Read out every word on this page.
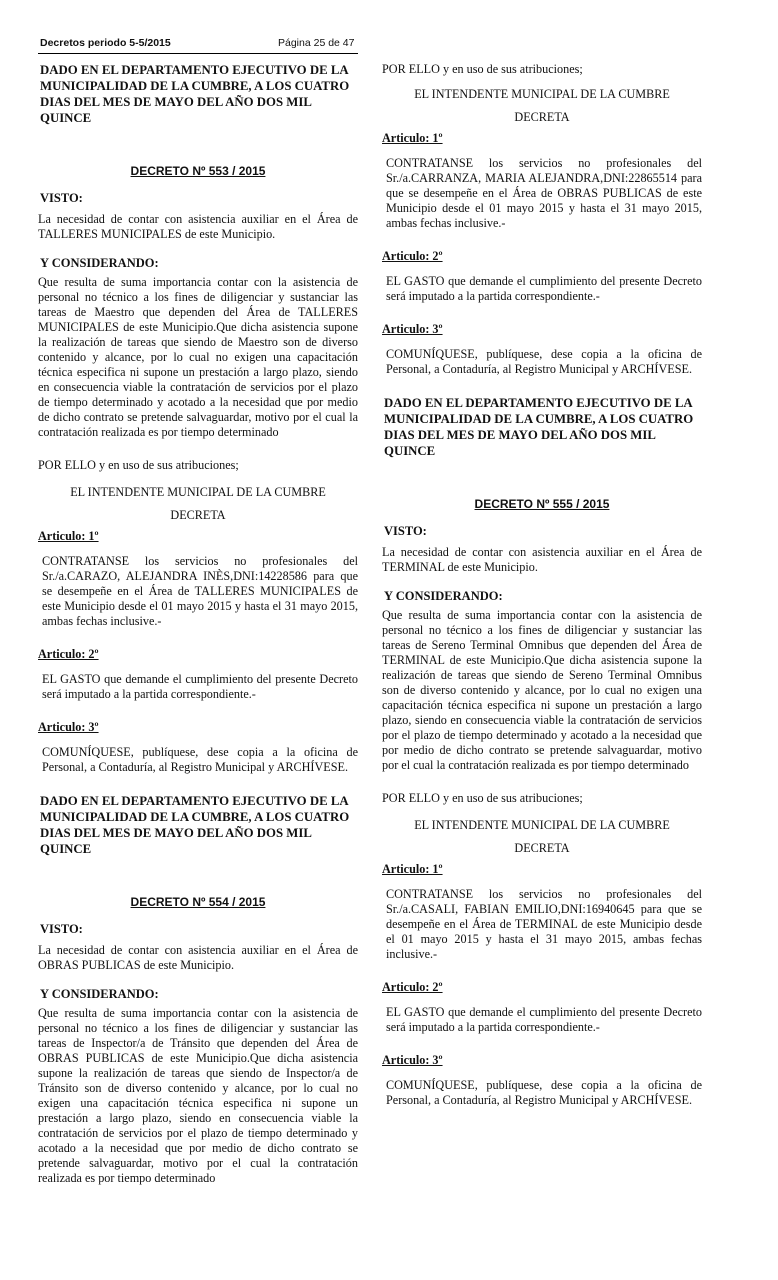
Decretos periodo 5-5/2015	Página 25 de 47

DADO EN EL DEPARTAMENTO EJECUTIVO DE LA MUNICIPALIDAD DE LA CUMBRE, A LOS CUATRO DIAS DEL MES DE MAYO DEL AÑO DOS MIL QUINCE

DECRETO Nº 553 / 2015

VISTO:

La necesidad de contar con asistencia auxiliar en el Área de TALLERES MUNICIPALES de este Municipio.

Y CONSIDERANDO:

Que resulta de suma importancia contar con la asistencia de personal no técnico a los fines de diligenciar y sustanciar las tareas de Maestro que dependen del Área de TALLERES MUNICIPALES de este Municipio.Que dicha asistencia supone la realización de tareas que siendo de Maestro son de diverso contenido y alcance, por lo cual no exigen una capacitación técnica especifica ni supone un prestación a largo plazo, siendo en consecuencia viable la contratación de servicios por el plazo de tiempo determinado y acotado a la necesidad que por medio de dicho contrato se pretende salvaguardar, motivo por el cual la contratación realizada es por tiempo determinado

POR ELLO y en uso de sus atribuciones;

EL INTENDENTE MUNICIPAL DE LA CUMBRE

DECRETA

Articulo: 1º

CONTRATANSE los servicios no profesionales del Sr./a.CARAZO, ALEJANDRA INÈS,DNI:14228586 para que se desempeñe en el Área de TALLERES MUNICIPALES de este Municipio desde el 01 mayo 2015 y hasta el 31 mayo 2015, ambas fechas inclusive.-

Articulo: 2º

EL GASTO que demande el cumplimiento del presente Decreto será imputado a la partida correspondiente.-

Articulo: 3º

COMUNÍQUESE, publíquese, dese copia a la oficina de Personal, a Contaduría, al Registro Municipal y ARCHÍVESE.

DADO EN EL DEPARTAMENTO EJECUTIVO DE LA MUNICIPALIDAD DE LA CUMBRE, A LOS CUATRO DIAS DEL MES DE MAYO DEL AÑO DOS MIL QUINCE

DECRETO Nº 554 / 2015

VISTO:

La necesidad de contar con asistencia auxiliar en el Área de OBRAS PUBLICAS de este Municipio.

Y CONSIDERANDO:

Que resulta de suma importancia contar con la asistencia de personal no técnico a los fines de diligenciar y sustanciar las tareas de Inspector/a de Tránsito que dependen del Área de OBRAS PUBLICAS de este Municipio.Que dicha asistencia supone la realización de tareas que siendo de Inspector/a de Tránsito son de diverso contenido y alcance, por lo cual no exigen una capacitación técnica especifica ni supone un prestación a largo plazo, siendo en consecuencia viable la contratación de servicios por el plazo de tiempo determinado y acotado a la necesidad que por medio de dicho contrato se pretende salvaguardar, motivo por el cual la contratación realizada es por tiempo determinado

POR ELLO y en uso de sus atribuciones;

EL INTENDENTE MUNICIPAL DE LA CUMBRE

DECRETA

Articulo: 1º

CONTRATANSE los servicios no profesionales del Sr./a.CARRANZA, MARIA ALEJANDRA,DNI:22865514 para que se desempeñe en el Área de OBRAS PUBLICAS de este Municipio desde el 01 mayo 2015 y hasta el 31 mayo 2015, ambas fechas inclusive.-

Articulo: 2º

EL GASTO que demande el cumplimiento del presente Decreto será imputado a la partida correspondiente.-

Articulo: 3º

COMUNÍQUESE, publíquese, dese copia a la oficina de Personal, a Contaduría, al Registro Municipal y ARCHÍVESE.

DADO EN EL DEPARTAMENTO EJECUTIVO DE LA MUNICIPALIDAD DE LA CUMBRE, A LOS CUATRO DIAS DEL MES DE MAYO DEL AÑO DOS MIL QUINCE

DECRETO Nº 555 / 2015

VISTO:

La necesidad de contar con asistencia auxiliar en el Área de TERMINAL de este Municipio.

Y CONSIDERANDO:

Que resulta de suma importancia contar con la asistencia de personal no técnico a los fines de diligenciar y sustanciar las tareas de Sereno Terminal Omnibus que dependen del Área de TERMINAL de este Municipio.Que dicha asistencia supone la realización de tareas que siendo de Sereno Terminal Omnibus son de diverso contenido y alcance, por lo cual no exigen una capacitación técnica especifica ni supone un prestación a largo plazo, siendo en consecuencia viable la contratación de servicios por el plazo de tiempo determinado y acotado a la necesidad que por medio de dicho contrato se pretende salvaguardar, motivo por el cual la contratación realizada es por tiempo determinado

POR ELLO y en uso de sus atribuciones;

EL INTENDENTE MUNICIPAL DE LA CUMBRE

DECRETA

Articulo: 1º

CONTRATANSE los servicios no profesionales del Sr./a.CASALI, FABIAN EMILIO,DNI:16940645 para que se desempeñe en el Área de TERMINAL de este Municipio desde el 01 mayo 2015 y hasta el 31 mayo 2015, ambas fechas inclusive.-

Articulo: 2º

EL GASTO que demande el cumplimiento del presente Decreto será imputado a la partida correspondiente.-

Articulo: 3º

COMUNÍQUESE, publíquese, dese copia a la oficina de Personal, a Contaduría, al Registro Municipal y ARCHÍVESE.
